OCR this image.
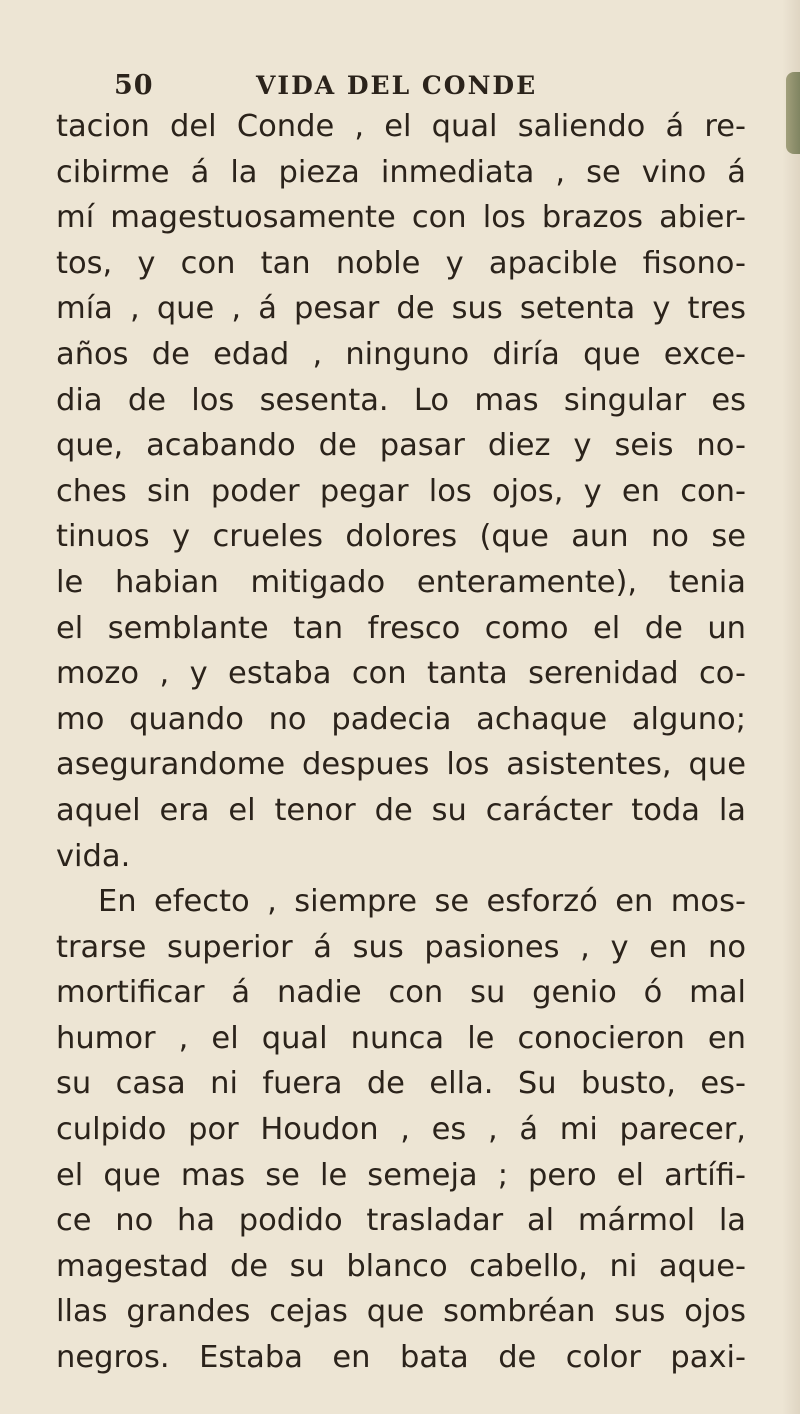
50	VIDA DEL CONDE
tacion del Conde , el qual saliendo á re-
cibirme á la pieza inmediata , se vino á
mí magestuosamente con los brazos abier-
tos, y con tan noble y apacible fisono-
mía , que , á pesar de sus setenta y tres
años de edad , ninguno diría que exce-
dia de los sesenta. Lo mas singular es
que, acabando de pasar diez y seis no-
ches sin poder pegar los ojos, y en con-
tinuos y crueles dolores (que aun no se
le habian mitigado enteramente), tenia
el semblante tan fresco como el de un
mozo , y estaba con tanta serenidad co-
mo quando no padecia achaque alguno;
asegurandome despues los asistentes, que
aquel era el tenor de su carácter toda la
vida.
En efecto , siempre se esforzó en mos-
trarse superior á sus pasiones , y en no
mortificar á nadie con su genio ó mal
humor , el qual nunca le conocieron en
su casa ni fuera de ella. Su busto, es-
culpido por Houdon , es , á mi parecer,
el que mas se le semeja ; pero el artífi-
ce no ha podido trasladar al mármol la
magestad de su blanco cabello, ni aque-
llas grandes cejas que sombréan sus ojos
negros. Estaba en bata de color paxi-
